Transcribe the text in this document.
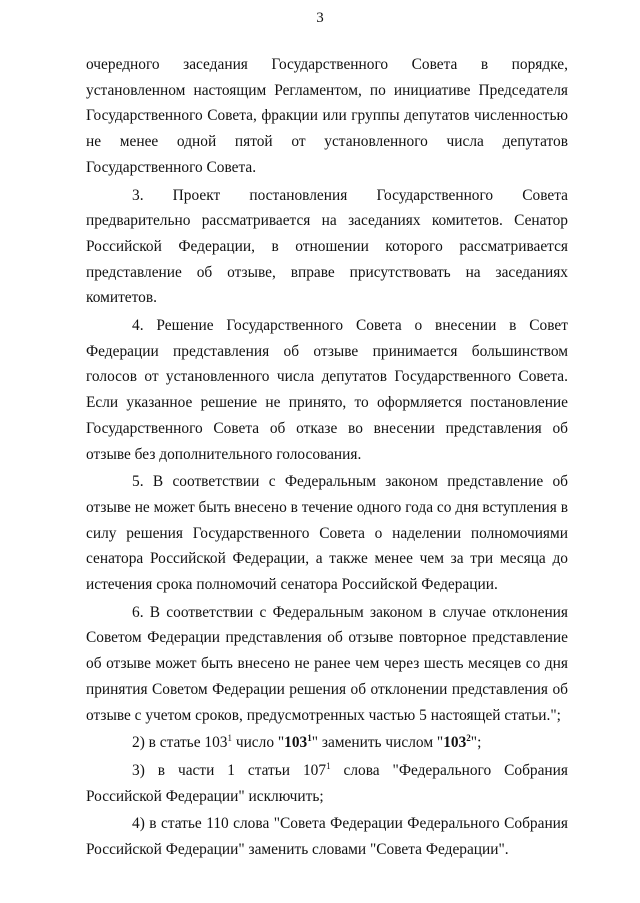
3

очередного заседания Государственного Совета в порядке, установленном настоящим Регламентом, по инициативе Председателя Государственного Совета, фракции или группы депутатов численностью не менее одной пятой от установленного числа депутатов Государственного Совета.

3. Проект постановления Государственного Совета предварительно рассматривается на заседаниях комитетов. Сенатор Российской Федерации, в отношении которого рассматривается представление об отзыве, вправе присутствовать на заседаниях комитетов.

4. Решение Государственного Совета о внесении в Совет Федерации представления об отзыве принимается большинством голосов от установленного числа депутатов Государственного Совета. Если указанное решение не принято, то оформляется постановление Государственного Совета об отказе во внесении представления об отзыве без дополнительного голосования.

5. В соответствии с Федеральным законом представление об отзыве не может быть внесено в течение одного года со дня вступления в силу решения Государственного Совета о наделении полномочиями сенатора Российской Федерации, а также менее чем за три месяца до истечения срока полномочий сенатора Российской Федерации.

6. В соответствии с Федеральным законом в случае отклонения Советом Федерации представления об отзыве повторное представление об отзыве может быть внесено не ранее чем через шесть месяцев со дня принятия Советом Федерации решения об отклонении представления об отзыве с учетом сроков, предусмотренных частью 5 настоящей статьи.";

2) в статье $103^1$ число "$103^1$" заменить числом "$103^2$";

3) в части 1 статьи $107^1$ слова "Федерального Собрания Российской Федерации" исключить;

4) в статье 110 слова "Совета Федерации Федерального Собрания Российской Федерации" заменить словами "Совета Федерации".
